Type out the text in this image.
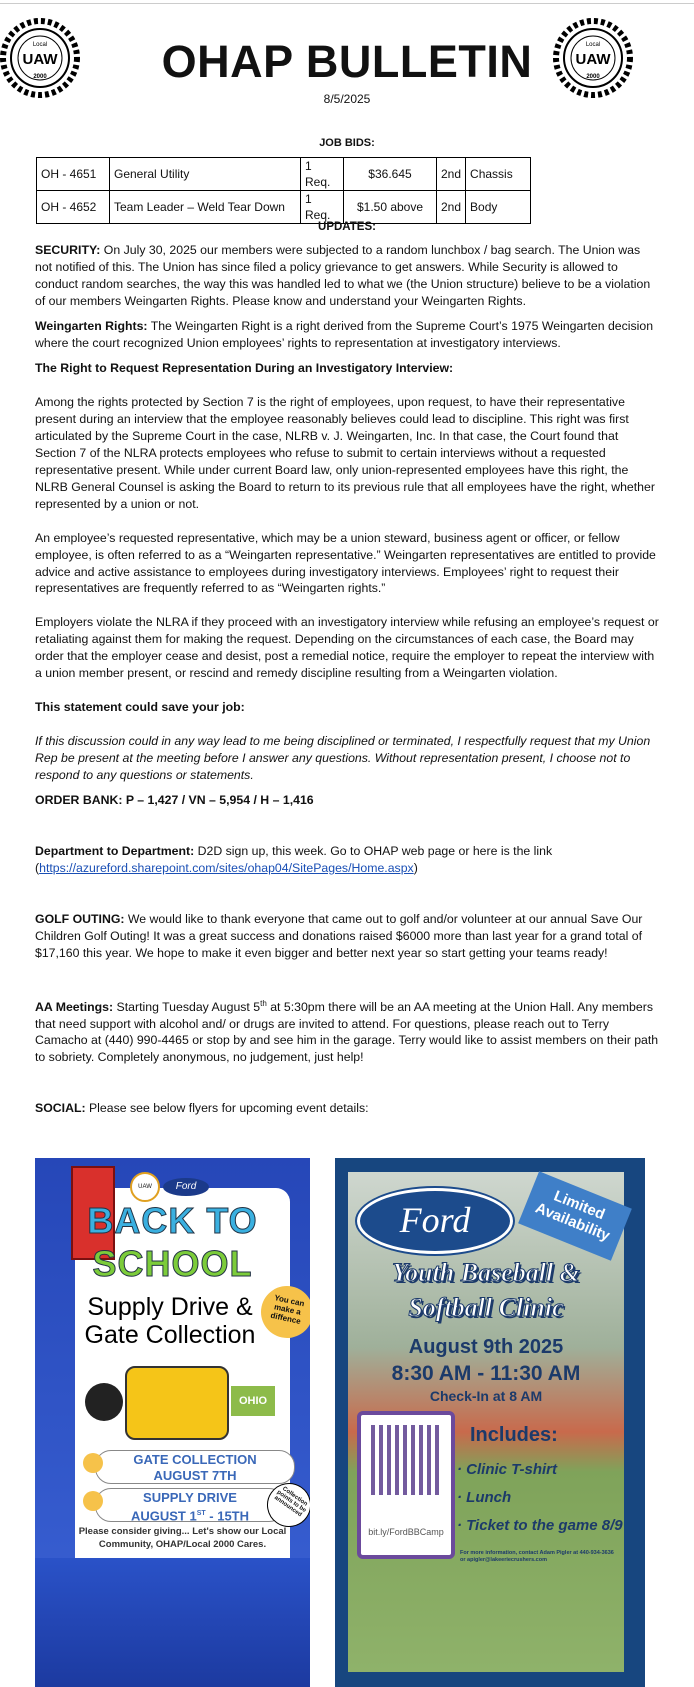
UAW
2000
Local
UAW
2000
Local
OHAP BULLETIN
8/5/2025
JOB BIDS:
OH - 4651	General Utility	1 Req.	$36.645	2nd	Chassis
OH - 4652	Team Leader – Weld Tear Down	1 Req.	$1.50 above	2nd	Body
UPDATES:

SECURITY: On July 30, 2025 our members were subjected to a random lunchbox / bag search. The Union was not notified of this. The Union has since filed a policy grievance to get answers. While Security is allowed to conduct random searches, the way this was handled led to what we (the Union structure) believe to be a violation of our members Weingarten Rights. Please know and understand your Weingarten Rights.

Weingarten Rights: The Weingarten Right is a right derived from the Supreme Court’s 1975 Weingarten decision where the court recognized Union employees’ rights to representation at investigatory interviews.

The Right to Request Representation During an Investigatory Interview:

Among the rights protected by Section 7 is the right of employees, upon request, to have their representative present during an interview that the employee reasonably believes could lead to discipline. This right was first articulated by the Supreme Court in the case, NLRB v. J. Weingarten, Inc. In that case, the Court found that Section 7 of the NLRA protects employees who refuse to submit to certain interviews without a requested representative present. While under current Board law, only union-represented employees have this right, the NLRB General Counsel is asking the Board to return to its previous rule that all employees have the right, whether represented by a union or not.

An employee’s requested representative, which may be a union steward, business agent or officer, or fellow employee, is often referred to as a “Weingarten representative.” Weingarten representatives are entitled to provide advice and active assistance to employees during investigatory interviews. Employees’ right to request their representatives are frequently referred to as “Weingarten rights.”

Employers violate the NLRA if they proceed with an investigatory interview while refusing an employee’s request or retaliating against them for making the request. Depending on the circumstances of each case, the Board may order that the employer cease and desist, post a remedial notice, require the employer to repeat the interview with a union member present, or rescind and remedy discipline resulting from a Weingarten violation.

This statement could save your job:

If this discussion could in any way lead to me being disciplined or terminated, I respectfully request that my Union Rep be present at the meeting before I answer any questions. Without representation present, I choose not to respond to any questions or statements.

ORDER BANK: P – 1,427 / VN – 5,954 / H – 1,416

Department to Department: D2D sign up, this week. Go to OHAP web page or here is the link (https://azureford.sharepoint.com/sites/ohap04/SitePages/Home.aspx)

GOLF OUTING: We would like to thank everyone that came out to golf and/or volunteer at our annual Save Our Children Golf Outing! It was a great success and donations raised $6000 more than last year for a grand total of $17,160 this year. We hope to make it even bigger and better next year so start getting your teams ready!

AA Meetings: Starting Tuesday August 5th at 5:30pm there will be an AA meeting at the Union Hall. Any members that need support with alcohol and/ or drugs are invited to attend. For questions, please reach out to Terry Camacho at (440) 990-4465 or stop by and see him in the garage. Terry would like to assist members on their path to sobriety. Completely anonymous, no judgement, just help!

SOCIAL: Please see below flyers for upcoming event details:

UAW	Ford
BACK TO
SCHOOL
Supply Drive &
Gate Collection
You can make a diffence
OHIO
GATE COLLECTION
AUGUST 7TH
SUPPLY DRIVE
AUGUST 1ST - 15TH
Collection points to be announced
Please consider giving... Let's show our Local Community, OHAP/Local 2000 Cares.
Ford	Limited Availability
Youth Baseball &
Softball Clinic
August 9th 2025
8:30 AM - 11:30 AM
Check-In at 8 AM
bit.ly/FordBBCamp
Includes:
· Clinic T-shirt
· Lunch
· Ticket to the game 8/9
For more information, contact Adam Pigler at 440-934-3636 or apigler@lakeeriecrushers.com
